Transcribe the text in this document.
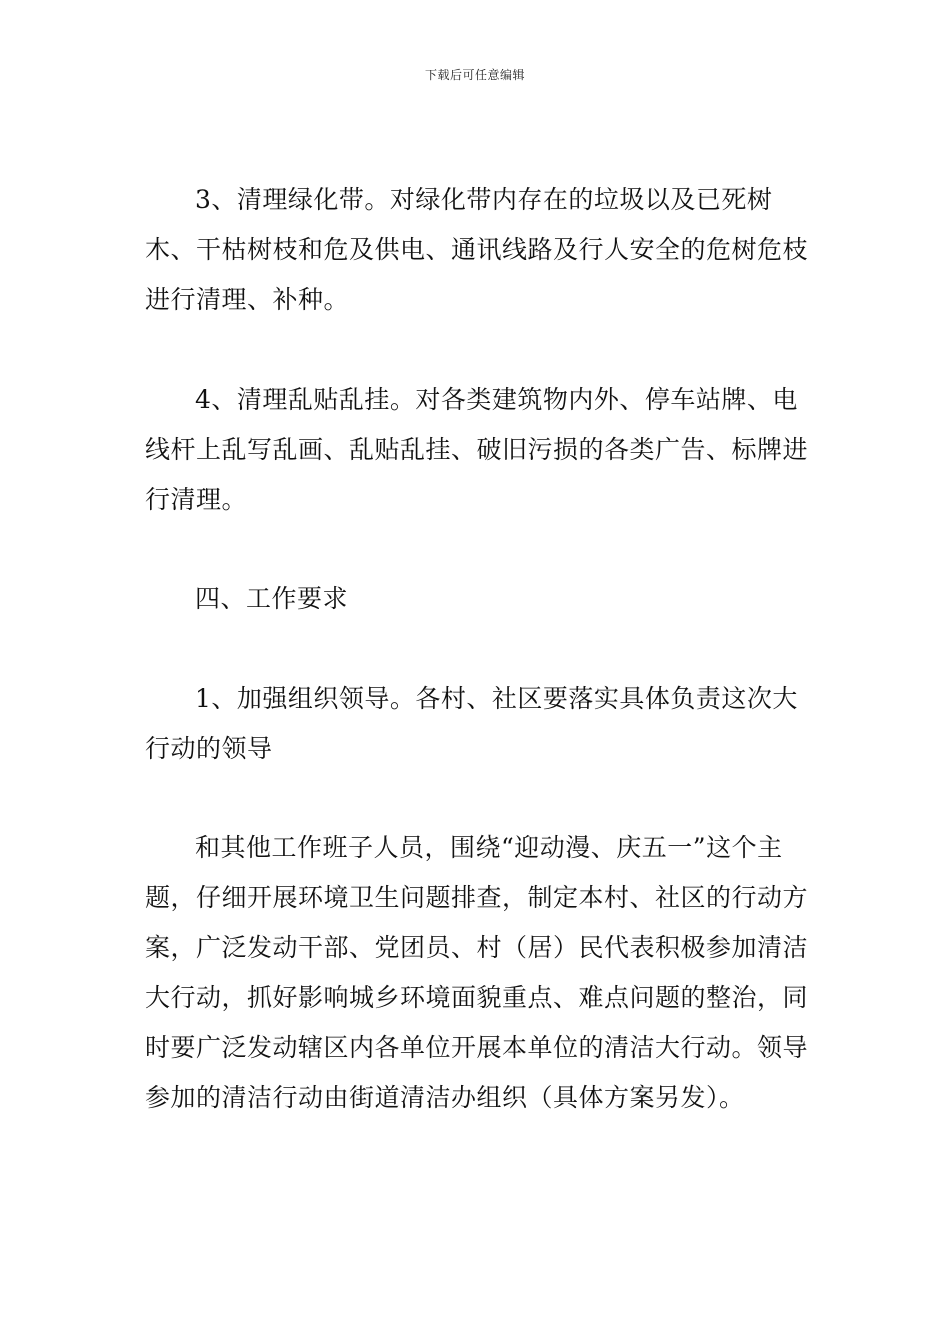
下载后可任意编辑

3、清理绿化带。对绿化带内存在的垃圾以及已死树木、干枯树枝和危及供电、通讯线路及行人安全的危树危枝进行清理、补种。

4、清理乱贴乱挂。对各类建筑物内外、停车站牌、电线杆上乱写乱画、乱贴乱挂、破旧污损的各类广告、标牌进行清理。

四、工作要求

1、加强组织领导。各村、社区要落实具体负责这次大行动的领导

和其他工作班子人员，围绕“迎动漫、庆五一”这个主题，仔细开展环境卫生问题排查，制定本村、社区的行动方案，广泛发动干部、党团员、村（居）民代表积极参加清洁大行动，抓好影响城乡环境面貌重点、难点问题的整治，同时要广泛发动辖区内各单位开展本单位的清洁大行动。领导参加的清洁行动由街道清洁办组织（具体方案另发）。
